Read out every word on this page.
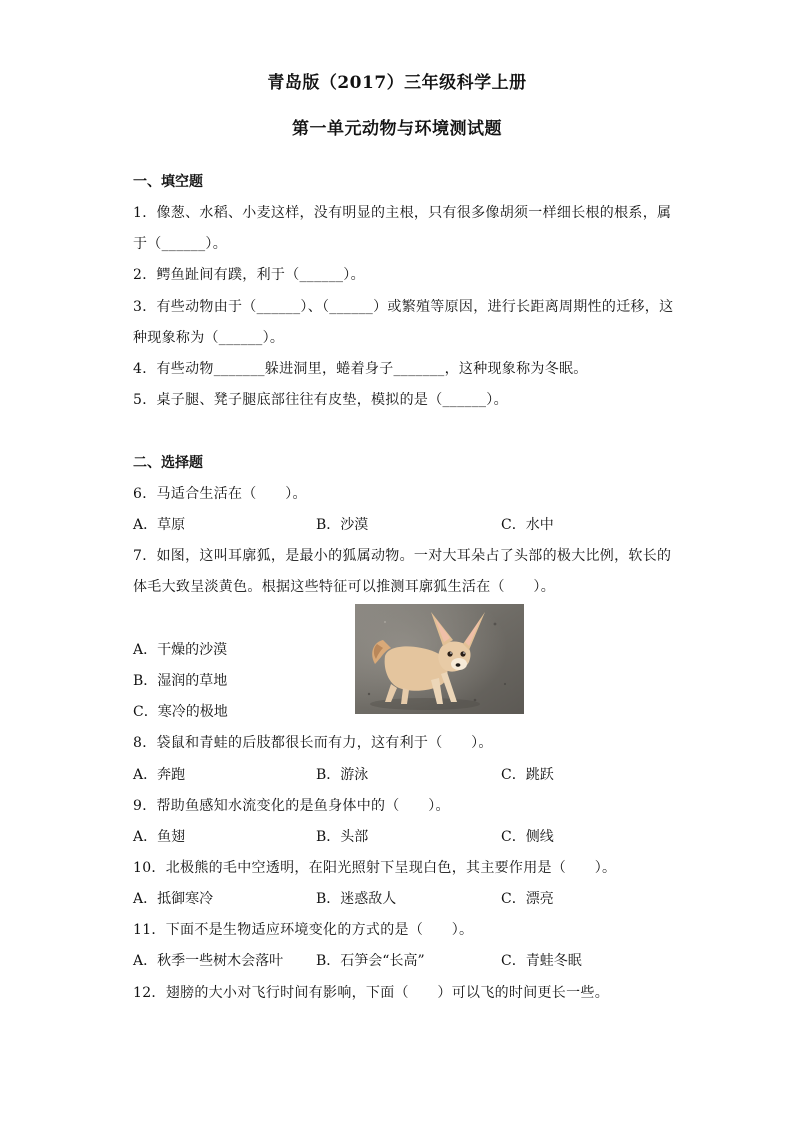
青岛版（2017）三年级科学上册
第一单元动物与环境测试题
一、填空题
1．像葱、水稻、小麦这样，没有明显的主根，只有很多像胡须一样细长根的根系，属
于（______）。
2．鳄鱼趾间有蹼，利于（______）。
3．有些动物由于（______）、（______）或繁殖等原因，进行长距离周期性的迁移，这
种现象称为（______）。
4．有些动物_______躲进洞里，蜷着身子_______，这种现象称为冬眠。
5．桌子腿、凳子腿底部往往有皮垫，模拟的是（______）。
二、选择题
6．马适合生活在（　　）。
A．草原	B．沙漠	C．水中
7．如图，这叫耳廓狐，是最小的狐属动物。一对大耳朵占了头部的极大比例，软长的
体毛大致呈淡黄色。根据这些特征可以推测耳廓狐生活在（　　）。
A．干燥的沙漠
B．湿润的草地
C．寒冷的极地
8．袋鼠和青蛙的后肢都很长而有力，这有利于（　　）。
A．奔跑	B．游泳	C．跳跃
9．帮助鱼感知水流变化的是鱼身体中的（　　）。
A．鱼翅	B．头部	C．侧线
10．北极熊的毛中空透明，在阳光照射下呈现白色，其主要作用是（　　）。
A．抵御寒冷	B．迷惑敌人	C．漂亮
11．下面不是生物适应环境变化的方式的是（　　）。
A．秋季一些树木会落叶 B．石笋会“长高”	C．青蛙冬眠
12．翅膀的大小对飞行时间有影响，下面（　　）可以飞的时间更长一些。
